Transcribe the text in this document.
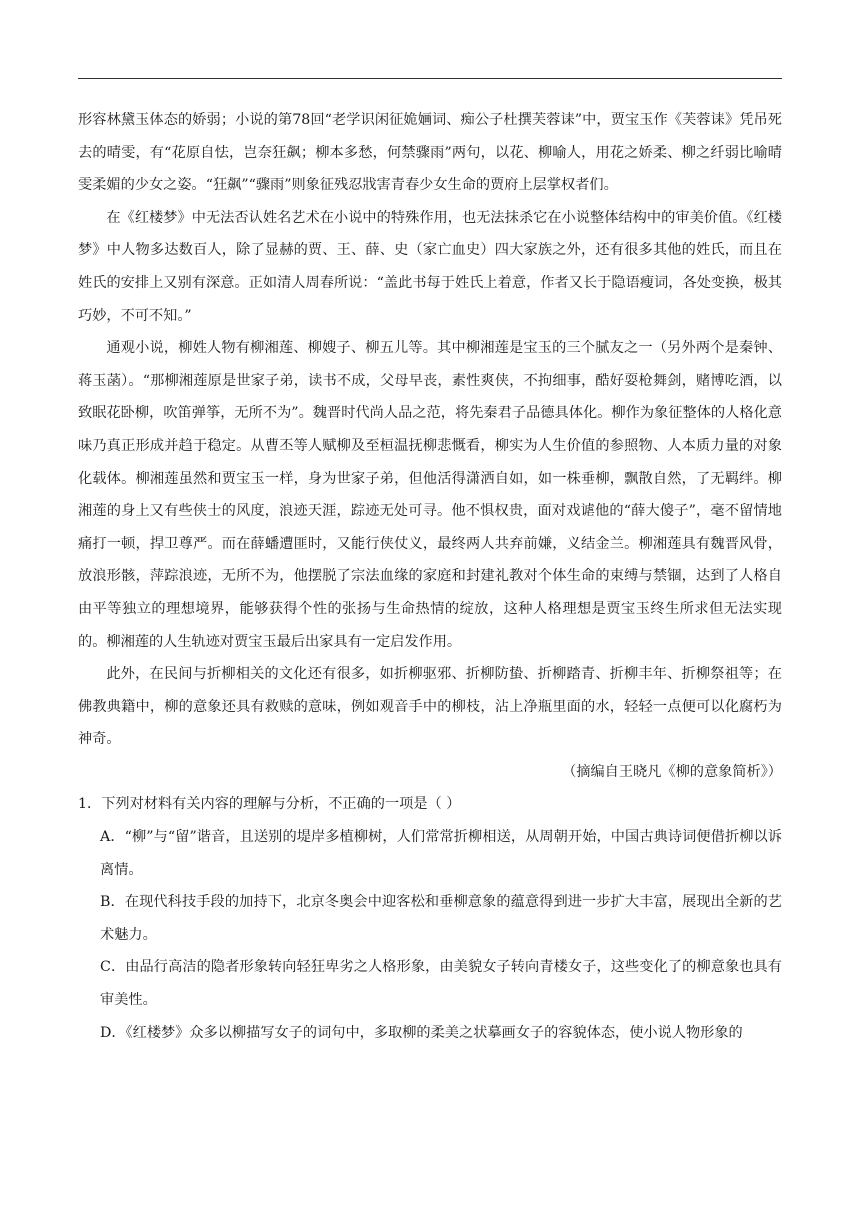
形容林黛玉体态的娇弱；小说的第78回“老学识闲征姽婳词、痴公子杜撰芙蓉诔”中，贾宝玉作《芙蓉诔》凭吊死去的晴雯，有“花原自怯，岂奈狂飙；柳本多愁，何禁骤雨”两句，以花、柳喻人，用花之娇柔、柳之纤弱比喻晴雯柔媚的少女之姿。“狂飙”“骤雨”则象征残忍戕害青春少女生命的贾府上层掌权者们。

在《红楼梦》中无法否认姓名艺术在小说中的特殊作用，也无法抹杀它在小说整体结构中的审美价值。《红楼梦》中人物多达数百人，除了显赫的贾、王、薛、史（家亡血史）四大家族之外，还有很多其他的姓氏，而且在姓氏的安排上又别有深意。正如清人周春所说：“盖此书每于姓氏上着意，作者又长于隐语瘦词，各处变换，极其巧妙，不可不知。”

通观小说，柳姓人物有柳湘莲、柳嫂子、柳五儿等。其中柳湘莲是宝玉的三个腻友之一（另外两个是秦钟、蒋玉菡）。“那柳湘莲原是世家子弟，读书不成，父母早丧，素性爽侠，不拘细事，酷好耍枪舞剑，赌博吃酒，以致眠花卧柳，吹笛弹筝，无所不为”。魏晋时代尚人品之范，将先秦君子品德具体化。柳作为象征整体的人格化意味乃真正形成并趋于稳定。从曹丕等人赋柳及至桓温抚柳悲慨看，柳实为人生价值的参照物、人本质力量的对象化载体。柳湘莲虽然和贾宝玉一样，身为世家子弟，但他活得潇洒自如，如一株垂柳，飘散自然，了无羁绊。柳湘莲的身上又有些侠士的风度，浪迹天涯，踪迹无处可寻。他不惧权贵，面对戏谑他的“薛大傻子”，毫不留情地痛打一顿，捍卫尊严。而在薛蟠遭匪时，又能行侠仗义，最终两人共弃前嫌，义结金兰。柳湘莲具有魏晋风骨，放浪形骸，萍踪浪迹，无所不为，他摆脱了宗法血缘的家庭和封建礼教对个体生命的束缚与禁锢，达到了人格自由平等独立的理想境界，能够获得个性的张扬与生命热情的绽放，这种人格理想是贾宝玉终生所求但无法实现的。柳湘莲的人生轨迹对贾宝玉最后出家具有一定启发作用。

此外，在民间与折柳相关的文化还有很多，如折柳驱邪、折柳防蛰、折柳踏青、折柳丰年、折柳祭祖等；在佛教典籍中，柳的意象还具有救赎的意味，例如观音手中的柳枝，沾上净瓶里面的水，轻轻一点便可以化腐朽为神奇。

（摘编自王晓凡《柳的意象简析》）

1．下列对材料有关内容的理解与分析，不正确的一项是（ ）

A．“柳”与“留”谐音，且送别的堤岸多植柳树，人们常常折柳相送，从周朝开始，中国古典诗词便借折柳以诉离情。

B．在现代科技手段的加持下，北京冬奥会中迎客松和垂柳意象的蕴意得到进一步扩大丰富，展现出全新的艺术魅力。

C．由品行高洁的隐者形象转向轻狂卑劣之人格形象，由美貌女子转向青楼女子，这些变化了的柳意象也具有审美性。

D．《红楼梦》众多以柳描写女子的词句中，多取柳的柔美之状摹画女子的容貌体态，使小说人物形象的
